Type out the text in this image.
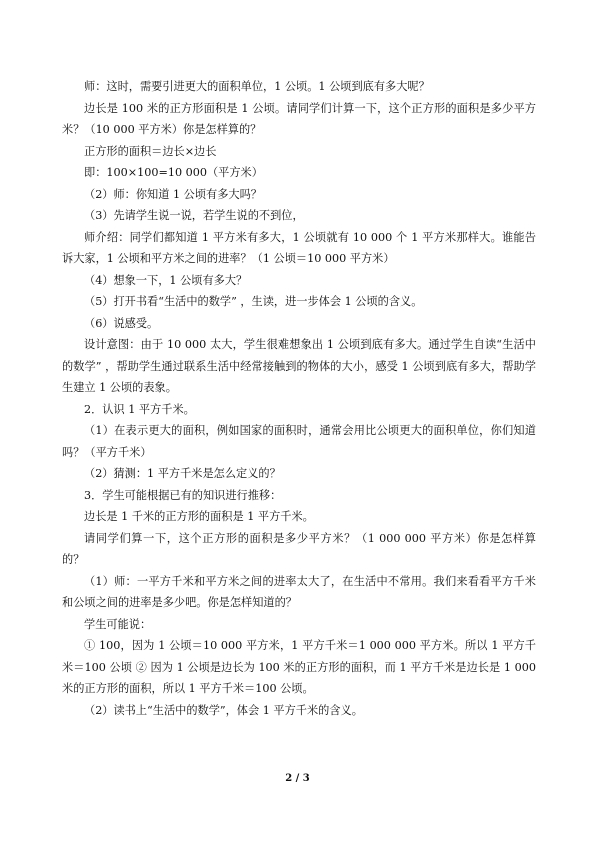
师：这时，需要引进更大的面积单位，1 公顷。1 公顷到底有多大呢？

边长是 100 米的正方形面积是 1 公顷。请同学们计算一下，这个正方形的面积是多少平方米？（10 000 平方米）你是怎样算的？

正方形的面积＝边长×边长

即：100×100=10 000（平方米）

（2）师：你知道 1 公顷有多大吗？

（3）先请学生说一说，若学生说的不到位，

师介绍：同学们都知道 1 平方米有多大，1 公顷就有 10 000 个 1 平方米那样大。谁能告诉大家，1 公顷和平方米之间的进率？（1 公顷＝10 000 平方米）

（4）想象一下，1 公顷有多大？

（5）打开书看“生活中的数学” ，生读，进一步体会 1 公顷的含义。

（6）说感受。

设计意图：由于 10 000 太大，学生很难想象出 1 公顷到底有多大。通过学生自读“生活中的数学” ，帮助学生通过联系生活中经常接触到的物体的大小，感受 1 公顷到底有多大，帮助学生建立 1 公顷的表象。

2．认识 1 平方千米。

（1）在表示更大的面积，例如国家的面积时，通常会用比公顷更大的面积单位，你们知道吗？（平方千米）

（2）猜测：1 平方千米是怎么定义的？

3．学生可能根据已有的知识进行推移：

边长是 1 千米的正方形的面积是 1 平方千米。

请同学们算一下，这个正方形的面积是多少平方米？（1 000 000 平方米）你是怎样算的？

（1）师：一平方千米和平方米之间的进率太大了，在生活中不常用。我们来看看平方千米和公顷之间的进率是多少吧。你是怎样知道的？

学生可能说：

① 100，因为 1 公顷＝10 000 平方米，1 平方千米＝1 000 000 平方米。所以 1 平方千米＝100 公顷 ② 因为 1 公顷是边长为 100 米的正方形的面积，而 1 平方千米是边长是 1 000 米的正方形的面积，所以 1 平方千米＝100 公顷。

（2）读书上“生活中的数学”，体会 1 平方千米的含义。

2 / 3
